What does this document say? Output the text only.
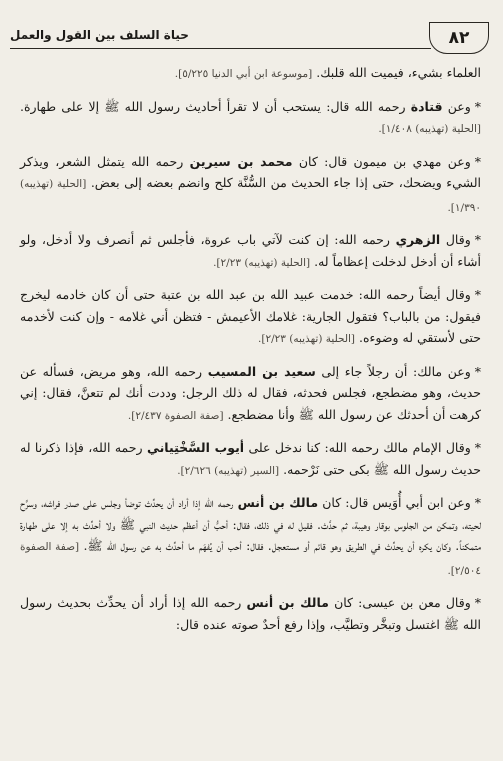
٨٢
حياة السلف بين القول والعمل

العلماء بشيء، فيميت الله قلبك. [موسوعة ابن أبي الدنيا ٥/٢٢٥].

*وعن قتادة رحمه الله قال: يستحب أن لا تقرأ أحاديث رسول الله ﷺ إلا على طهارة. [الحلية (تهذيبه) ١/٤٠٨].

*وعن مهدي بن ميمون قال: كان محمد بن سيرين رحمه الله يتمثل الشعر، ويذكر الشيء ويضحك، حتى إذا جاء الحديث من السُّنَّة كلح وانضم بعضه إلى بعض. [الحلية (تهذيبه) ١/٣٩٠].

*وقال الزهري رحمه الله: إن كنت لآتي باب عروة، فأجلس ثم أنصرف ولا أدخل، ولو أشاء أن أدخل لدخلت إعظاماً له. [الحلية (تهذيبه) ٢/٢٣].

*وقال أيضاً رحمه الله: خدمت عبيد الله بن عبد الله بن عتبة حتى أن كان خادمه ليخرج فيقول: من بالباب؟ فتقول الجارية: غلامك الأعيمش - فتظن أني غلامه - وإن كنت لأخدمه حتى لأستقي له وضوءه. [الحلية (تهذيبه) ٢/٢٣].

*وعن مالك: أن رجلاً جاء إلى سعيد بن المسيب رحمه الله، وهو مريض، فسأله عن حديث، وهو مضطجع، فجلس فحدثه، فقال له ذلك الرجل: وددت أنك لم تتعنَّ، فقال: إني كرهت أن أحدثك عن رسول الله ﷺ وأنا مضطجع. [صفة الصفوة ٢/٤٣٧].

*وقال الإمام مالك رحمه الله: كنا ندخل على أيوب السَّخْتِياني رحمه الله، فإذا ذكرنا له حديث رسول الله ﷺ بكى حتى نَرْحمه. [السير (تهذيبه) ٢/٦٢٦].

*وعن ابن أبي أُوَيس قال: كان مالك بن أنس رحمه الله إذا أراد أن يحدِّث توضأ وجلس على صدر فراشه، وسرَّح لحيته، وتمكن من الجلوس بوقار وهيبة، ثم حدَّث. فقيل له في ذلك، فقال: أحبُّ أن أعظم حديث النبي ﷺ ولا أحدِّث به إلا على طهارة متمكناً. وكان يكره أن يحدِّث في الطريق وهو قائم أو مستعجل. فقال: أحب أن يُفهَم ما أحدِّث به عن رسول الله ﷺ. [صفة الصفوة ٢/٥٠٤].

*وقال معن بن عيسى: كان مالك بن أنس رحمه الله إذا أراد أن يحدِّث بحديث رسول الله ﷺ اغتسل وتبخَّر وتطيَّب، وإذا رفع أحدٌ صوته عنده قال:
